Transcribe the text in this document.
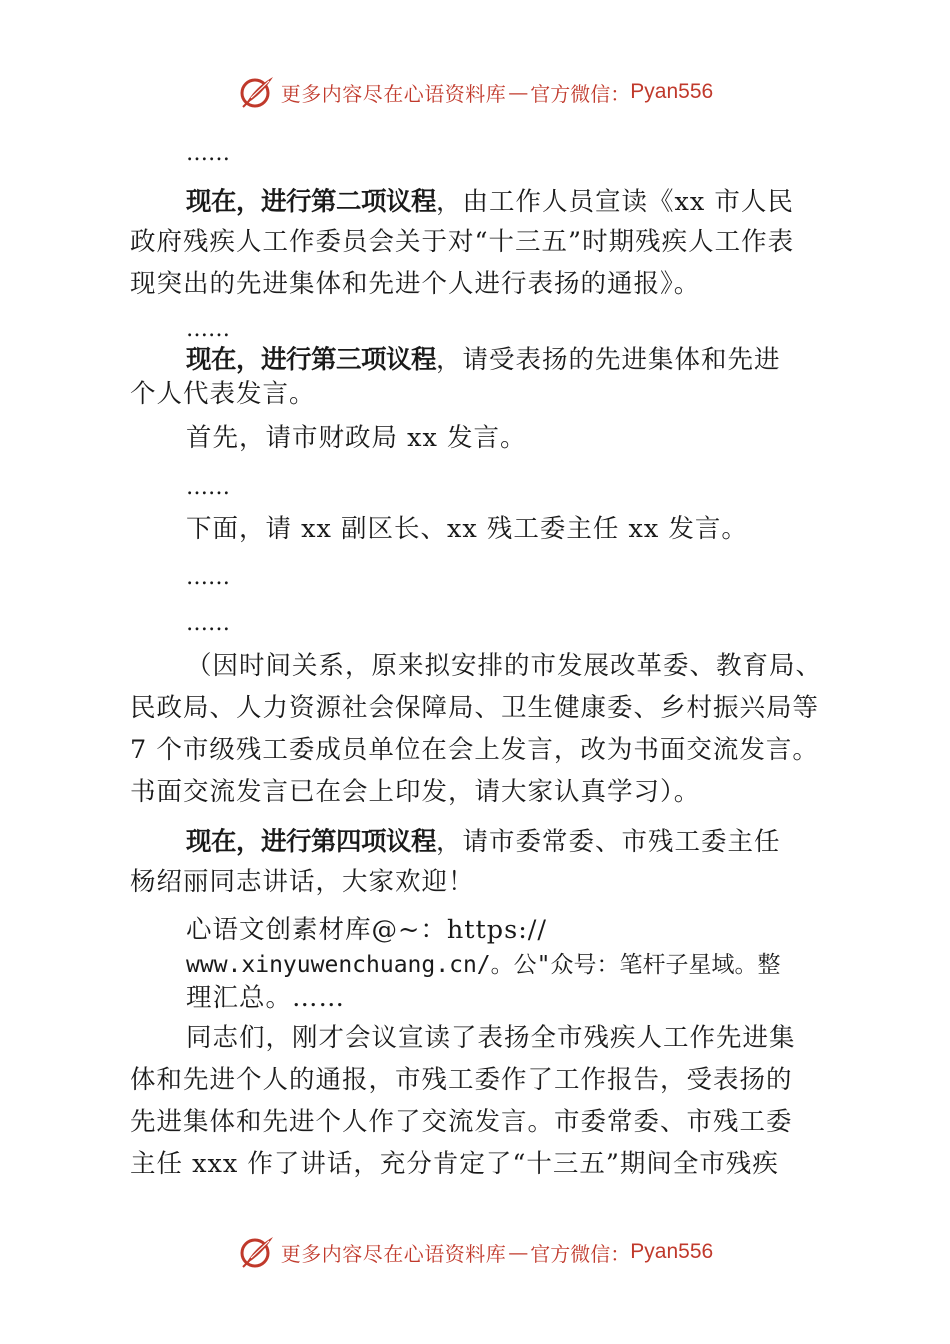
更多内容尽在心语资料库 — 官方微信： Pyan556
……
现在，进行第二项议程，由工作人员宣读《xx 市人民
政府残疾人工作委员会关于对“十三五”时期残疾人工作表
现突出的先进集体和先进个人进行表扬的通报》。
……
现在，进行第三项议程，请受表扬的先进集体和先进
个人代表发言。
首先，请市财政局 xx 发言。
……
下面，请 xx 副区长、xx 残工委主任 xx 发言。
……
……
（因时间关系，原来拟安排的市发展改革委、教育局、
民政局、人力资源社会保障局、卫生健康委、乡村振兴局等
7 个市级残工委成员单位在会上发言，改为书面交流发言。
书面交流发言已在会上印发，请大家认真学习）。
现在，进行第四项议程，请市委常委、市残工委主任
杨绍丽同志讲话，大家欢迎！
心语文创素材库@~：https://
www.xinyuwenchuang.cn/。公"众号：笔杆子星域。整
理汇总。……
同志们，刚才会议宣读了表扬全市残疾人工作先进集
体和先进个人的通报，市残工委作了工作报告，受表扬的
先进集体和先进个人作了交流发言。市委常委、市残工委
主任 xxx 作了讲话，充分肯定了“十三五”期间全市残疾
更多内容尽在心语资料库 — 官方微信： Pyan556
